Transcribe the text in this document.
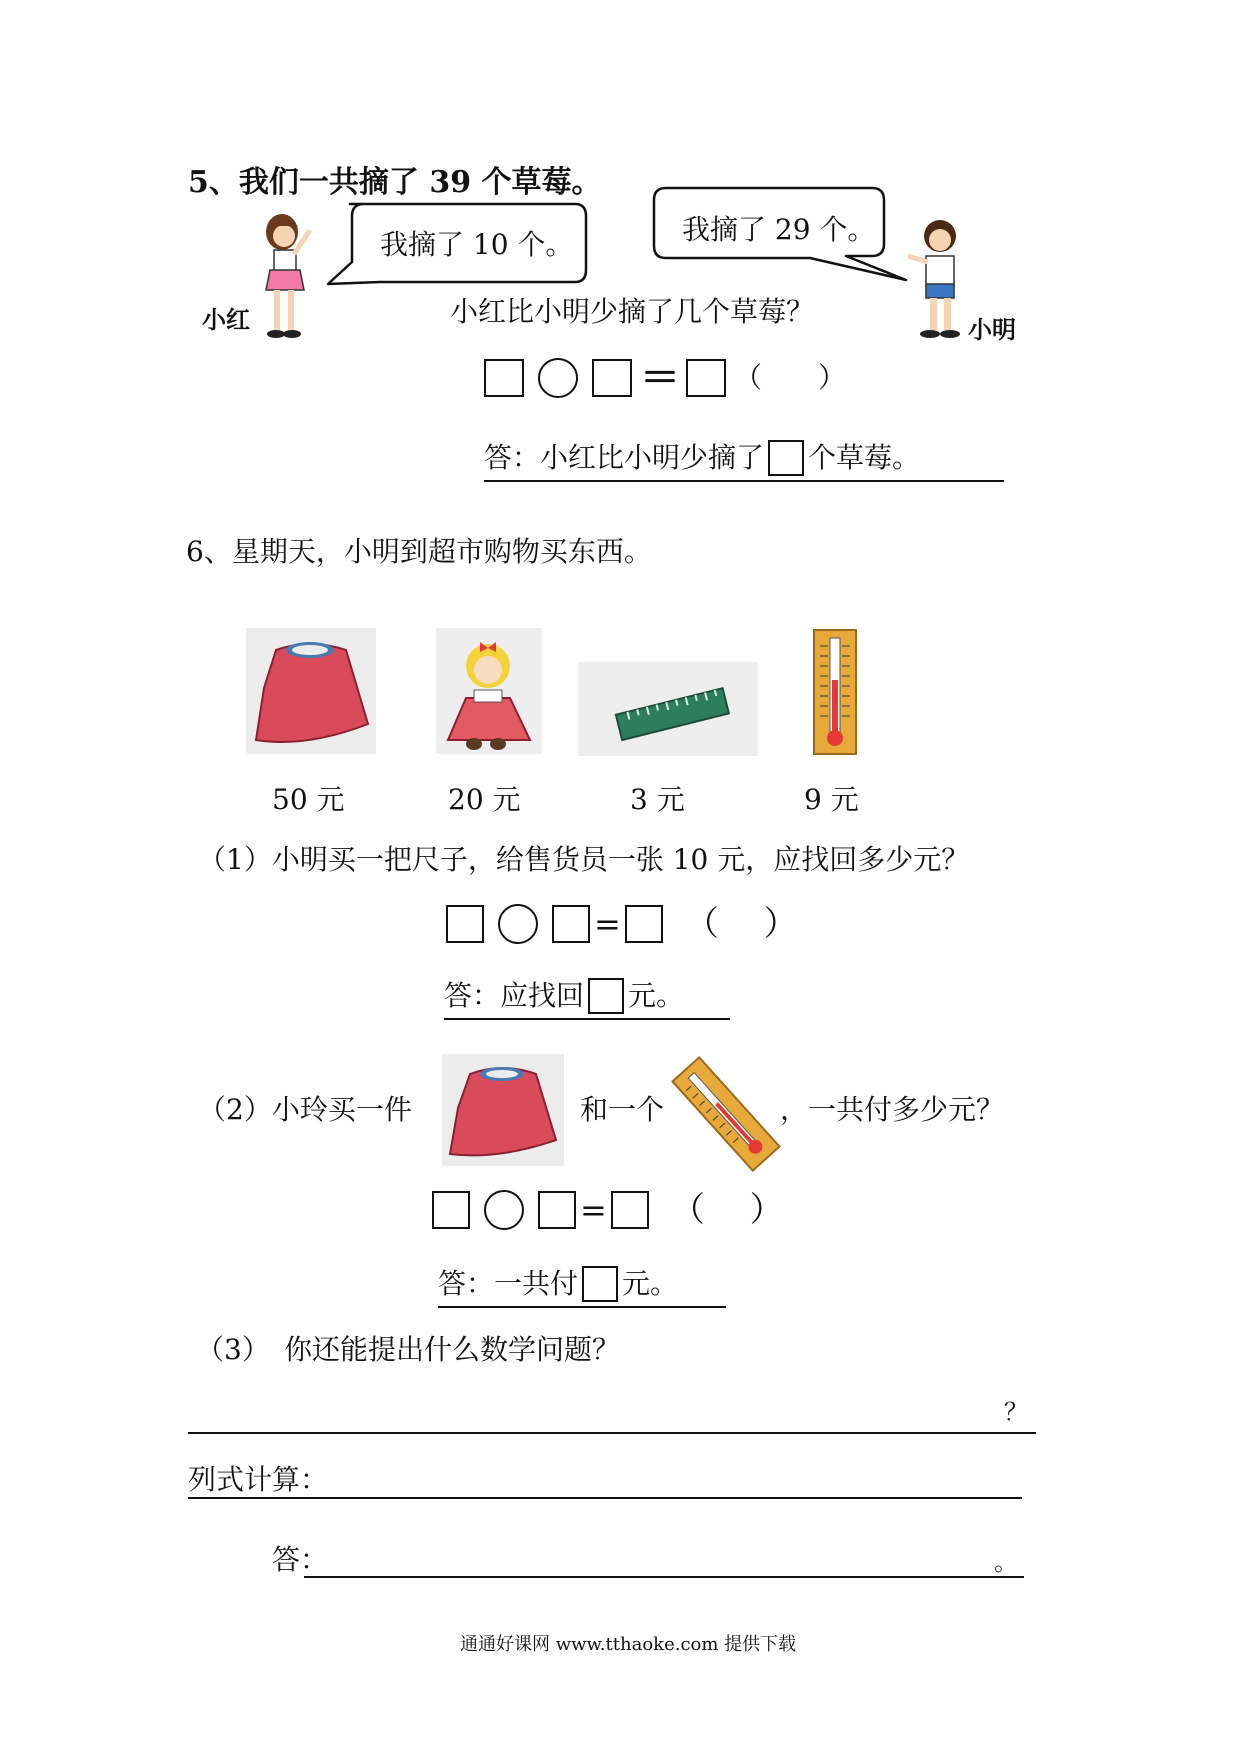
5、我们一共摘了 39 个草莓。
小红
我摘了 10 个。	我摘了 29 个。
小明
小红比小明少摘了几个草莓？
＝ （　　）
答：小红比小明少摘了 个草莓。
6、星期天，小明到超市购物买东西。
50 元	20 元	3 元	9 元
（1）小明买一把尺子，给售货员一张 10 元，应找回多少元？
= （　 ）
答：应找回 元。
（2）小玲买一件	和一个	，一共付多少元？
= （　 ）
答：一共付 元。
（3） 你还能提出什么数学问题？
？
列式计算：
答：	。
通通好课网 www.tthaoke.com 提供下载
